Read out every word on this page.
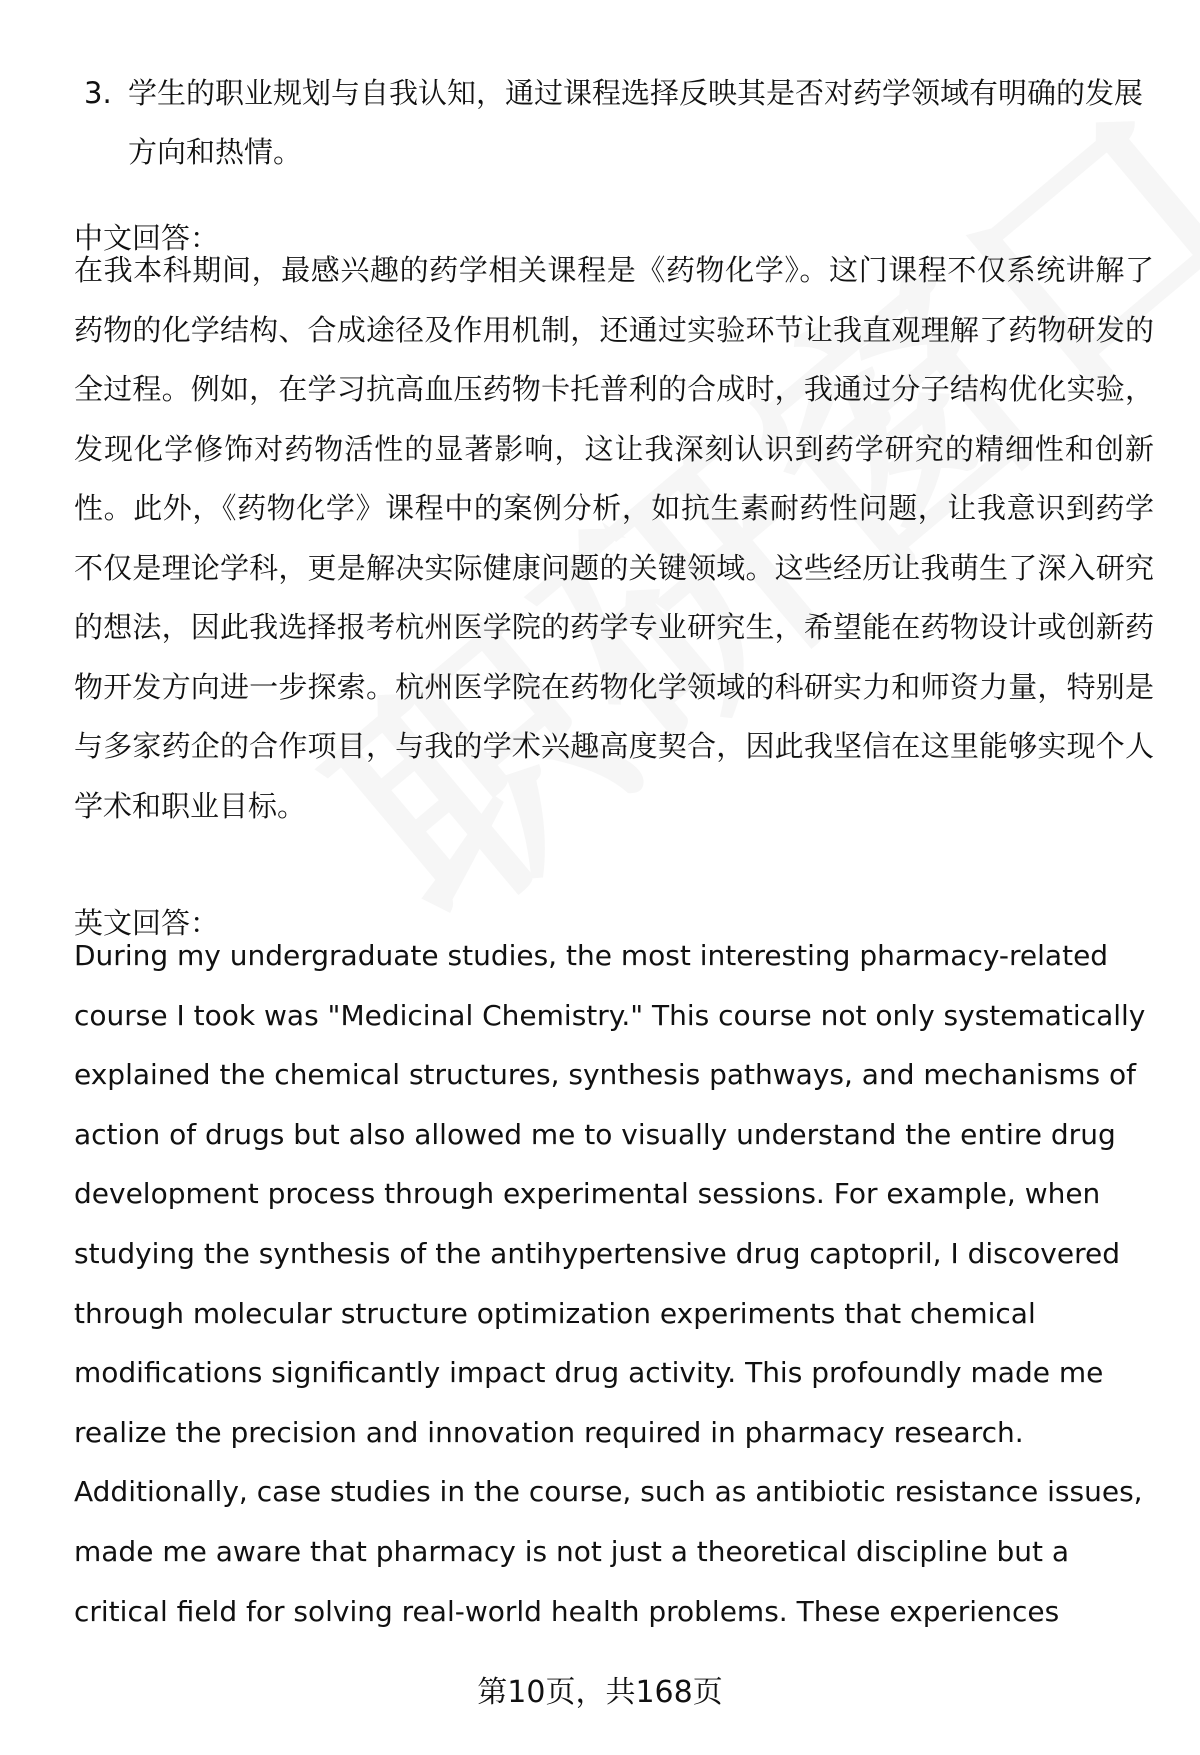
3. 学生的职业规划与自我认知，通过课程选择反映其是否对药学领域有明确的发展方向和热情。
中文回答：
在我本科期间，最感兴趣的药学相关课程是《药物化学》。这门课程不仅系统讲解了药物的化学结构、合成途径及作用机制，还通过实验环节让我直观理解了药物研发的全过程。例如，在学习抗高血压药物卡托普利的合成时，我通过分子结构优化实验，发现化学修饰对药物活性的显著影响，这让我深刻认识到药学研究的精细性和创新性。此外，《药物化学》课程中的案例分析，如抗生素耐药性问题，让我意识到药学不仅是理论学科，更是解决实际健康问题的关键领域。这些经历让我萌生了深入研究的想法，因此我选择报考杭州医学院的药学专业研究生，希望能在药物设计或创新药物开发方向进一步探索。杭州医学院在药物化学领域的科研实力和师资力量，特别是与多家药企的合作项目，与我的学术兴趣高度契合，因此我坚信在这里能够实现个人学术和职业目标。
英文回答：
During my undergraduate studies, the most interesting pharmacy-related course I took was "Medicinal Chemistry." This course not only systematically explained the chemical structures, synthesis pathways, and mechanisms of action of drugs but also allowed me to visually understand the entire drug development process through experimental sessions. For example, when studying the synthesis of the antihypertensive drug captopril, I discovered through molecular structure optimization experiments that chemical modifications significantly impact drug activity. This profoundly made me realize the precision and innovation required in pharmacy research. Additionally, case studies in the course, such as antibiotic resistance issues, made me aware that pharmacy is not just a theoretical discipline but a critical field for solving real-world health problems. These experiences
第10页，共168页
